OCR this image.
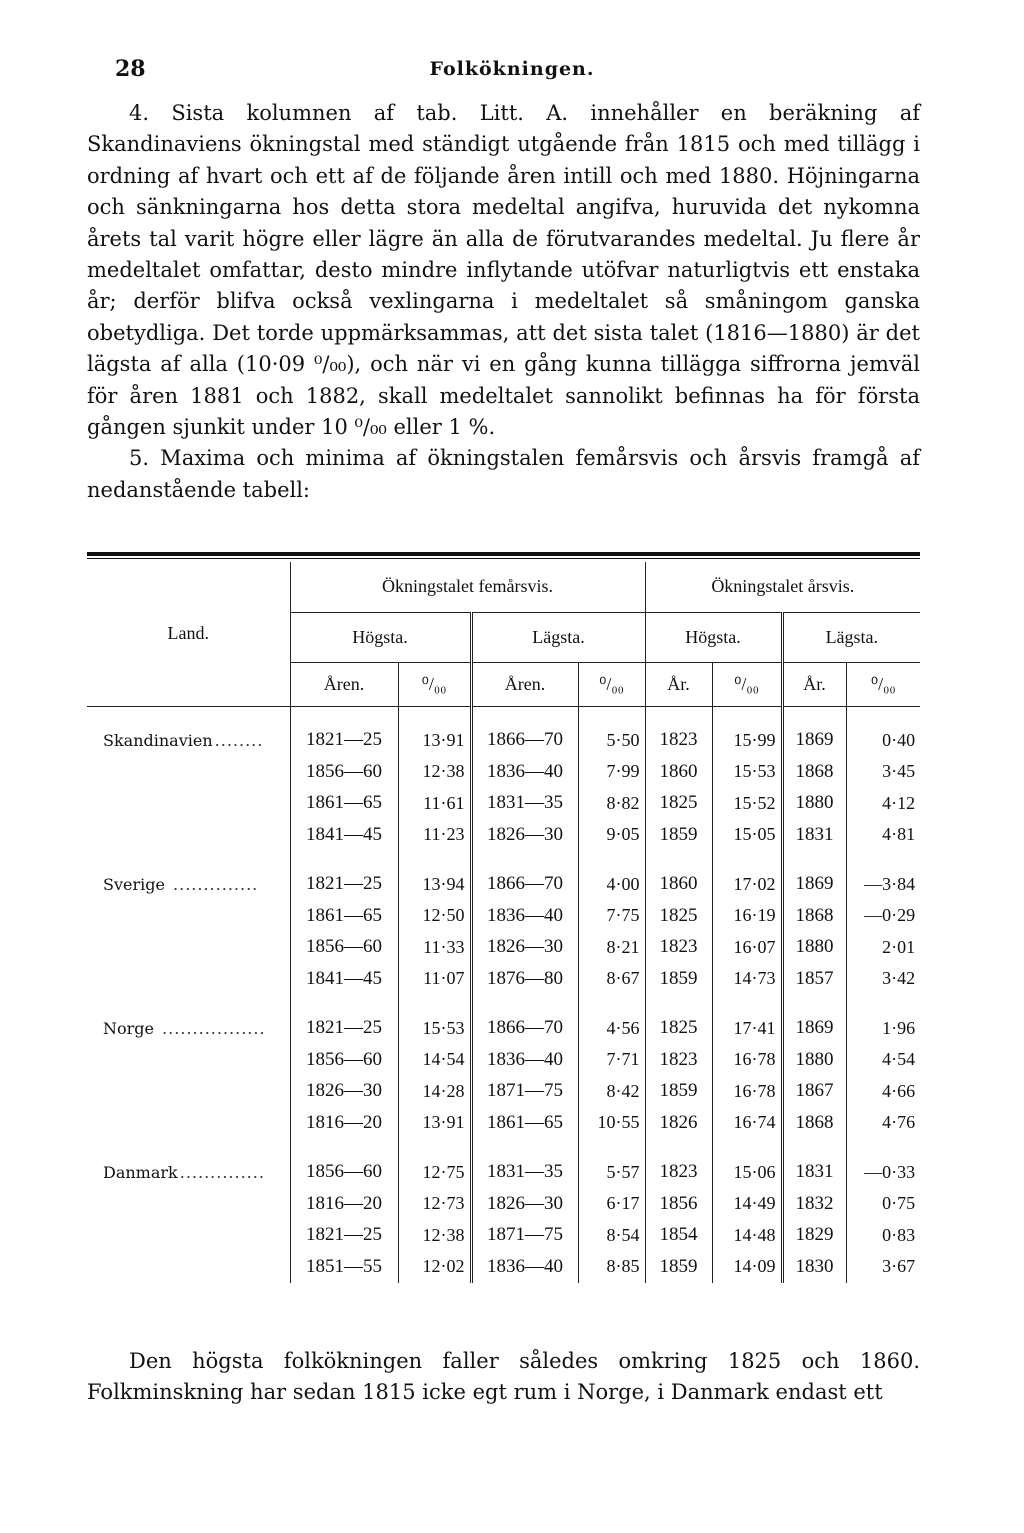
28	Folkökningen.

4. Sista kolumnen af tab. Litt. A. innehåller en beräkning af Skandinaviens ökningstal med ständigt utgående från 1815 och med tillägg i ordning af hvart och ett af de följande åren intill och med 1880. Höjningarna och sänkningarna hos detta stora medeltal angifva, huruvida det nykomna årets tal varit högre eller lägre än alla de förutvarandes medeltal. Ju flere år medeltalet omfattar, desto mindre inflytande utöfvar naturligtvis ett enstaka år; derför blifva också vexlingarna i medeltalet så småningom ganska obetydliga. Det torde uppmärksammas, att det sista talet (1816—1880) är det lägsta af alla (10·09 ⁰/₀₀), och när vi en gång kunna tillägga siffrorna jemväl för åren 1881 och 1882, skall medeltalet sannolikt befinnas ha för första gången sjunkit under 10 ⁰/₀₀ eller 1 %.

5. Maxima och minima af ökningstalen femårsvis och årsvis framgå af nedanstående tabell:

Land.	Ökningstalet femårsvis.				Ökningstalet årsvis.			
	Högsta.		Lägsta.		Högsta.		Lägsta.	
	Åren.	⁰/₀₀	Åren.	⁰/₀₀	År.	⁰/₀₀	År.	⁰/₀₀
Skandinavien ........	1821—25	13·91	1866—70	5·50	1823	15·99	1869	0·40
	1856—60	12·38	1836—40	7·99	1860	15·53	1868	3·45
	1861—65	11·61	1831—35	8·82	1825	15·52	1880	4·12
	1841—45	11·23	1826—30	9·05	1859	15·05	1831	4·81
Sverige ..............	1821—25	13·94	1866—70	4·00	1860	17·02	1869	—3·84
	1861—65	12·50	1836—40	7·75	1825	16·19	1868	—0·29
	1856—60	11·33	1826—30	8·21	1823	16·07	1880	2·01
	1841—45	11·07	1876—80	8·67	1859	14·73	1857	3·42
Norge .................	1821—25	15·53	1866—70	4·56	1825	17·41	1869	1·96
	1856—60	14·54	1836—40	7·71	1823	16·78	1880	4·54
	1826—30	14·28	1871—75	8·42	1859	16·78	1867	4·66
	1816—20	13·91	1861—65	10·55	1826	16·74	1868	4·76
Danmark ..............	1856—60	12·75	1831—35	5·57	1823	15·06	1831	—0·33
	1816—20	12·73	1826—30	6·17	1856	14·49	1832	0·75
	1821—25	12·38	1871—75	8·54	1854	14·48	1829	0·83
	1851—55	12·02	1836—40	8·85	1859	14·09	1830	3·67

Den högsta folkökningen faller således omkring 1825 och 1860. Folkminskning har sedan 1815 icke egt rum i Norge, i Danmark endast ett
